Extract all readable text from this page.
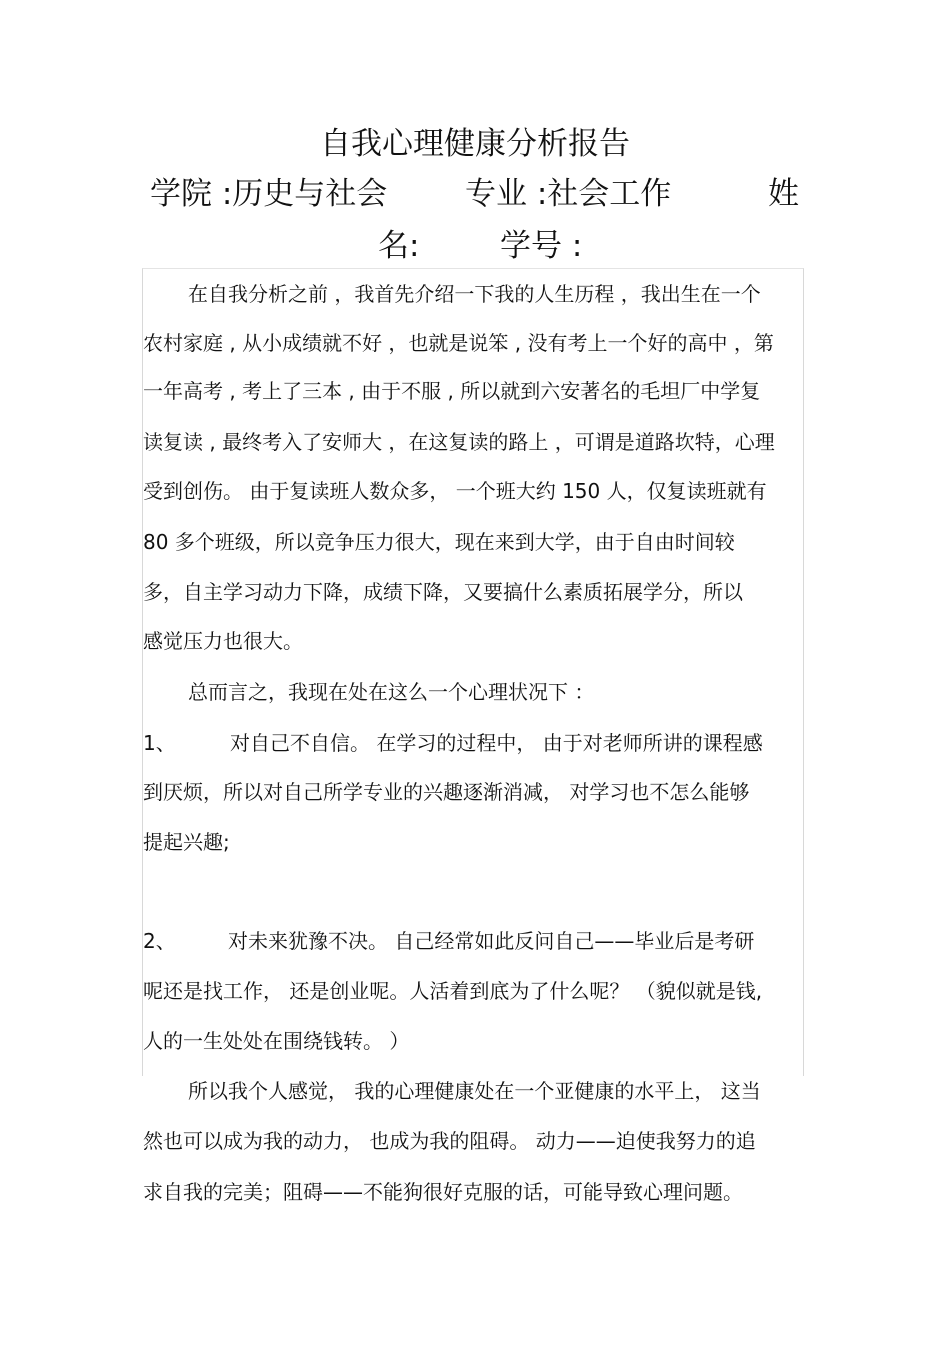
自我心理健康分析报告
学院 :历史与社会	专业 :社会工作	姓
名:	学号 :
在自我分析之前 ，我首先介绍一下我的人生历程 ，我出生在一个
农村家庭 , 从小成绩就不好 ，也就是说笨 , 没有考上一个好的高中 ，第
一年高考 , 考上了三本 , 由于不服 , 所以就到六安著名的毛坦厂中学复
读复读 , 最终考入了安师大 ，在这复读的路上 ，可谓是道路坎特，心理
受到创伤。 由于复读班人数众多， 一个班大约 150 人，仅复读班就有
80 多个班级，所以竞争压力很大，现在来到大学，由于自由时间较
多，自主学习动力下降，成绩下降，又要搞什么素质拓展学分，所以
感觉压力也很大。
总而言之，我现在处在这么一个心理状况下 ：
1、	对自己不自信。 在学习的过程中， 由于对老师所讲的课程感
到厌烦，所以对自己所学专业的兴趣逐渐消减， 对学习也不怎么能够
提起兴趣;
2、	对未来犹豫不决。 自己经常如此反问自己——毕业后是考研
呢还是找工作， 还是创业呢。人活着到底为了什么呢？ （貌似就是钱,
人的一生处处在围绕钱转。 ）
所以我个人感觉， 我的心理健康处在一个亚健康的水平上， 这当
然也可以成为我的动力， 也成为我的阻碍。 动力——迫使我努力的追
求自我的完美；阻碍——不能狗很好克服的话，可能导致心理问题。
